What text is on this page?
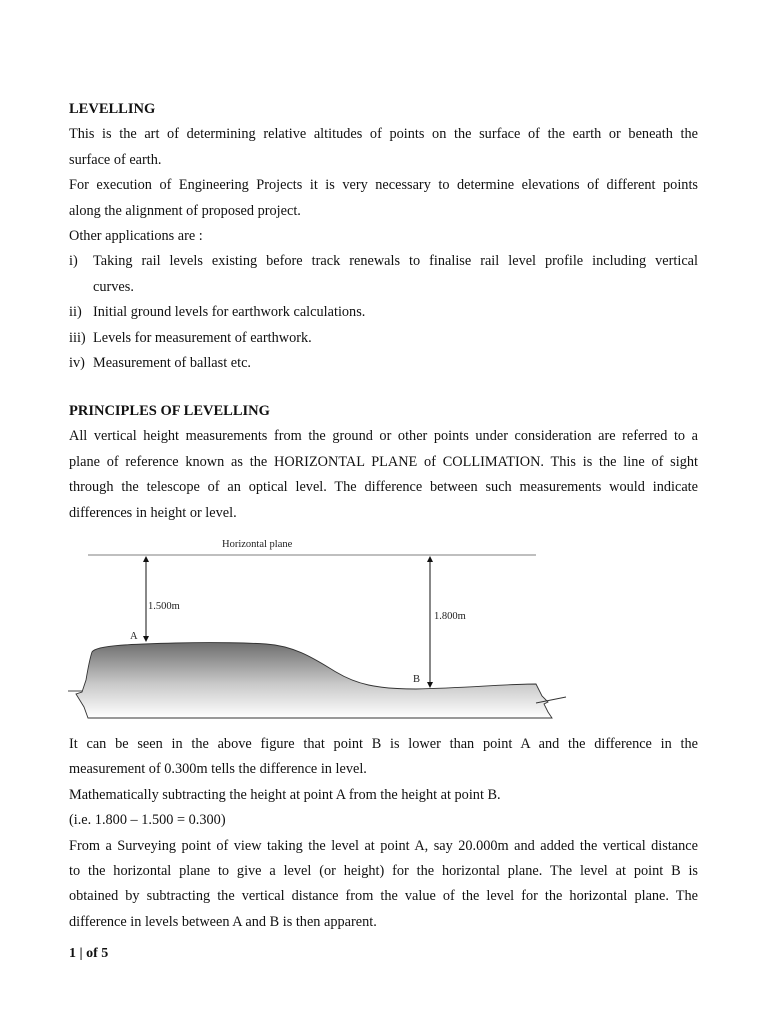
LEVELLING
This is the art of determining relative altitudes of points on the surface of the earth or beneath the
surface of earth.
For execution of Engineering Projects it is very necessary to determine elevations of different points
along the alignment of proposed project.
Other applications are :
i)	Taking rail levels existing before track renewals to finalise rail level profile including vertical
curves.
ii) Initial ground levels for earthwork calculations.
iii) Levels for measurement of earthwork.
iv) Measurement of ballast etc.
PRINCIPLES OF LEVELLING
All vertical height measurements from the ground or other points under consideration are referred to a
plane of reference known as the HORIZONTAL PLANE of COLLIMATION. This is the line of sight
through the telescope of an optical level. The difference between such measurements would indicate
differences in height or level.
Horizontal plane
1.500m
A
1.800m
B
It can be seen in the above figure that point B is lower than point A and the difference in the
measurement of 0.300m tells the difference in level.
Mathematically subtracting the height at point A from the height at point B.
(i.e. 1.800 – 1.500 = 0.300)
From a Surveying point of view taking the level at point A, say 20.000m and added the vertical distance
to the horizontal plane to give a level (or height) for the horizontal plane. The level at point B is
obtained by subtracting the vertical distance from the value of the level for the horizontal plane. The
difference in levels between A and B is then apparent.
1 | of 5
